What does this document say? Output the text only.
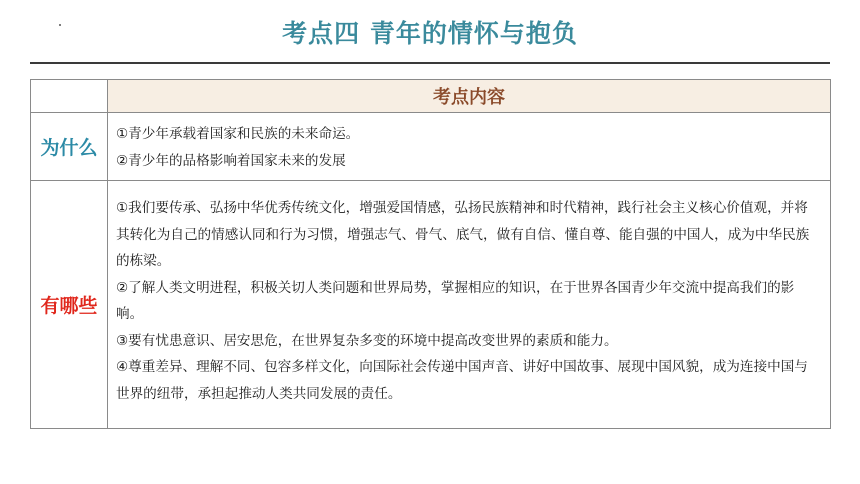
考点四 青年的情怀与抱负
	考点内容
为什么	①青少年承载着国家和民族的未来命运。
②青少年的品格影响着国家未来的发展

有哪些	①我们要传承、弘扬中华优秀传统文化，增强爱国情感，弘扬民族精神和时代精神，践行社会主义核心价值观，并将其转化为自己的情感认同和行为习惯，增强志气、骨气、底气，做有自信、懂自尊、能自强的中国人，成为中华民族的栋梁。
②了解人类文明进程，积极关切人类问题和世界局势，掌握相应的知识，在于世界各国青少年交流中提高我们的影响。
③要有忧患意识、居安思危，在世界复杂多变的环境中提高改变世界的素质和能力。
④尊重差异、理解不同、包容多样文化，向国际社会传递中国声音、讲好中国故事、展现中国风貌，成为连接中国与世界的纽带，承担起推动人类共同发展的责任。
